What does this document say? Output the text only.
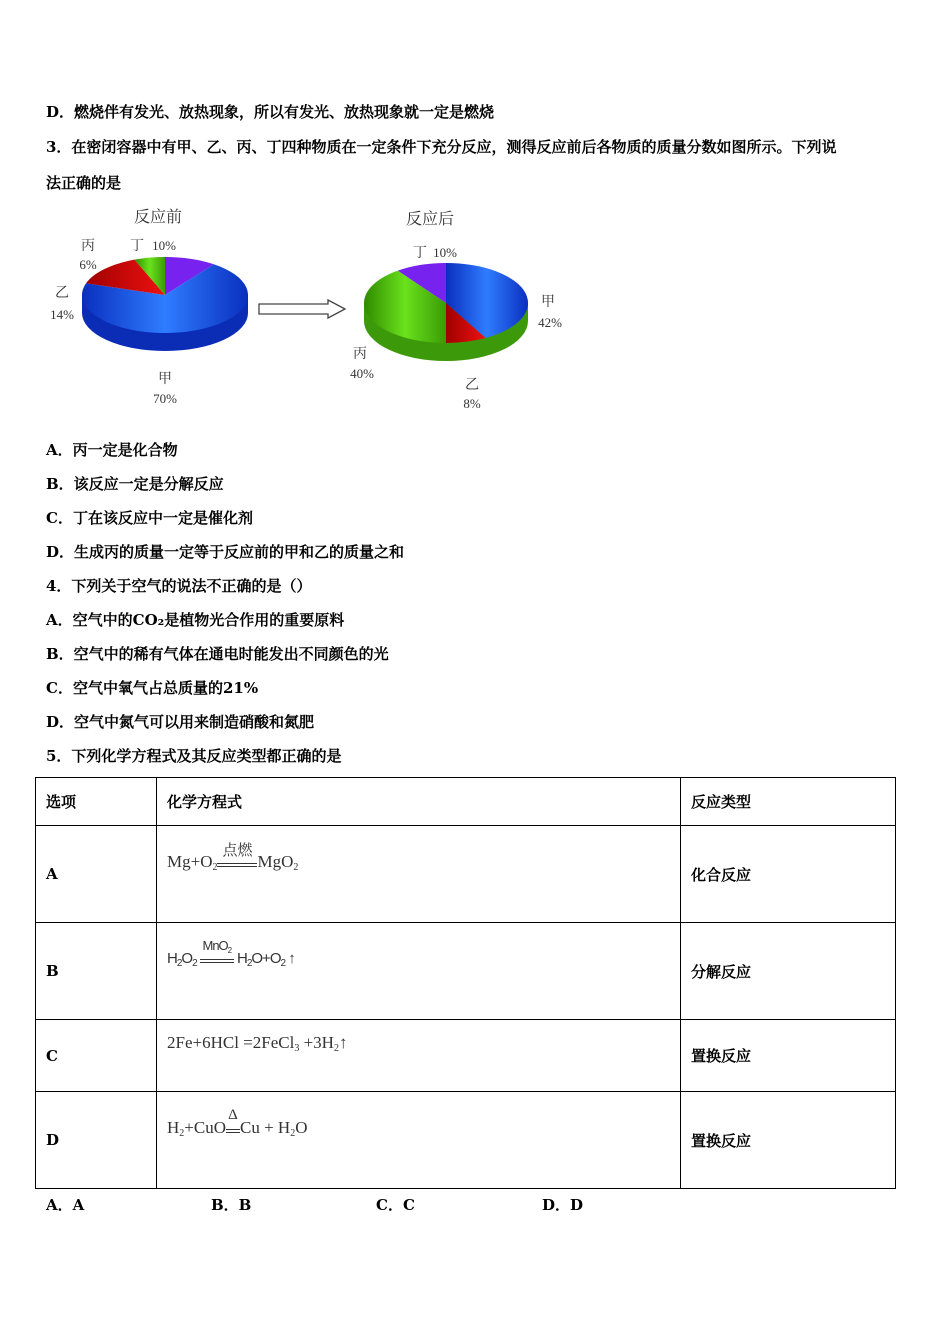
D．燃烧伴有发光、放热现象，所以有发光、放热现象就一定是燃烧
3．在密闭容器中有甲、乙、丙、丁四种物质在一定条件下充分反应，测得反应前后各物质的质量分数如图所示。下列说
法正确的是
反应前	反应后
丙
6%
丁 10%
乙
14%
甲
70%
丁 10%
甲
42%
丙
40%
乙
8%
A．丙一定是化合物
B．该反应一定是分解反应
C．丁在该反应中一定是催化剂
D．生成丙的质量一定等于反应前的甲和乙的质量之和
4．下列关于空气的说法不正确的是（）
A．空气中的CO₂是植物光合作用的重要原料
B．空气中的稀有气体在通电时能发出不同颜色的光
C．空气中氧气占总质量的21%
D．空气中氮气可以用来制造硝酸和氮肥
5．下列化学方程式及其反应类型都正确的是
选项	化学方程式	反应类型
A	$Mg+O_2$
点燃
MgO$_2$	化合反应
B	$H_2O_2$
MnO$_2$ $H_2O+O_2$ ↑	分解反应
C	2Fe+6HCl =2FeCl$_3$ $+3H_2↑$	置换反应
D	$H_2+CuO$
Δ
$Cu + H_2O$	置换反应
A．A	B．B	C．C	D．D
